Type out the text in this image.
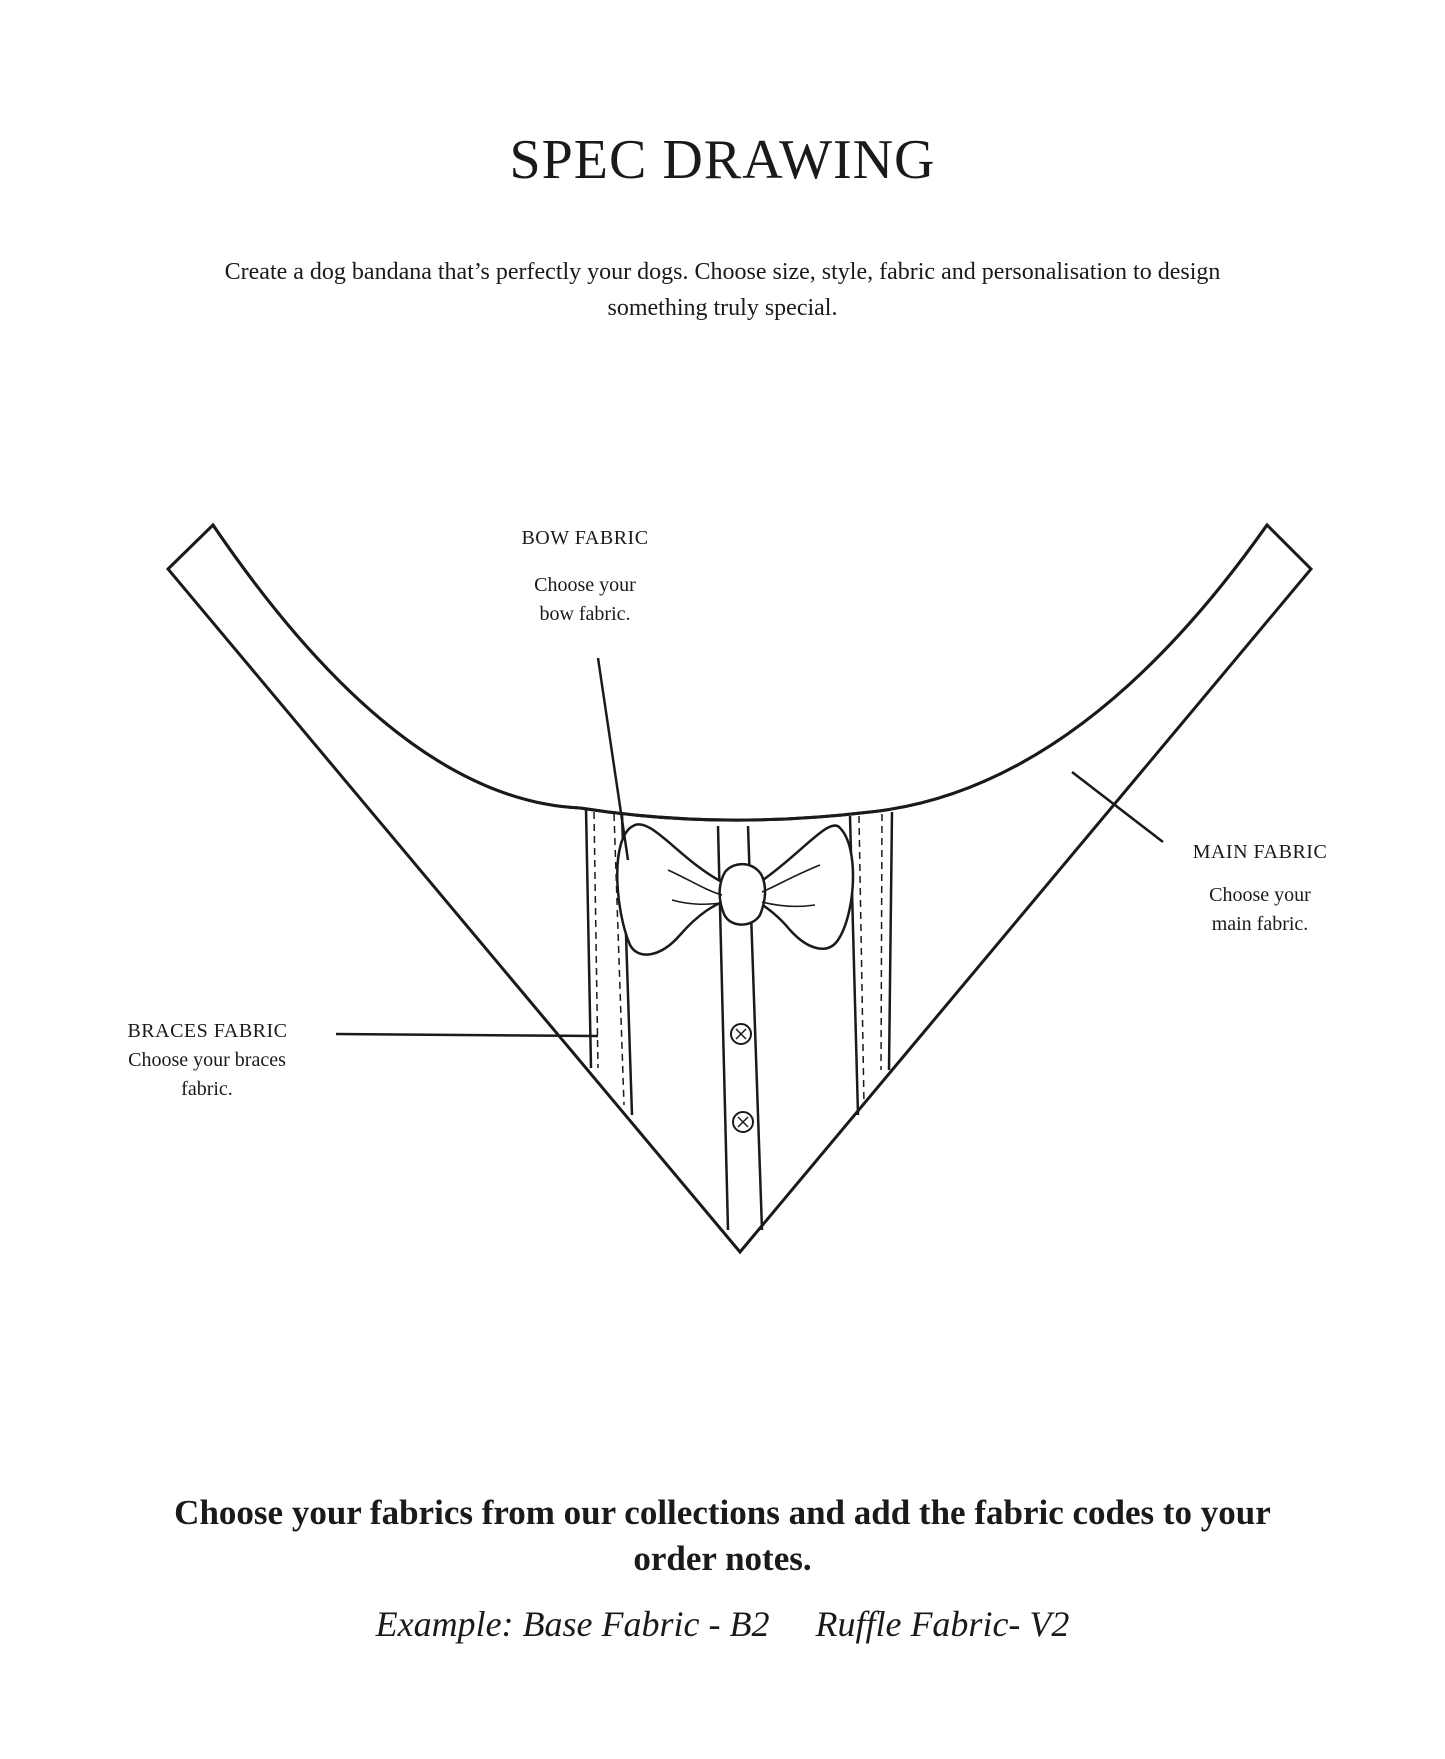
SPEC DRAWING

Create a dog bandana that’s perfectly your dogs. Choose size, style, fabric and personalisation to design something truly special.

BOW FABRIC
Choose your bow fabric.
MAIN FABRIC
Choose your main fabric.
BRACES FABRIC
Choose your braces fabric.

Choose your fabrics from our collections and add the fabric codes to your order notes.

Example: Base Fabric - B2 Ruffle Fabric- V2
